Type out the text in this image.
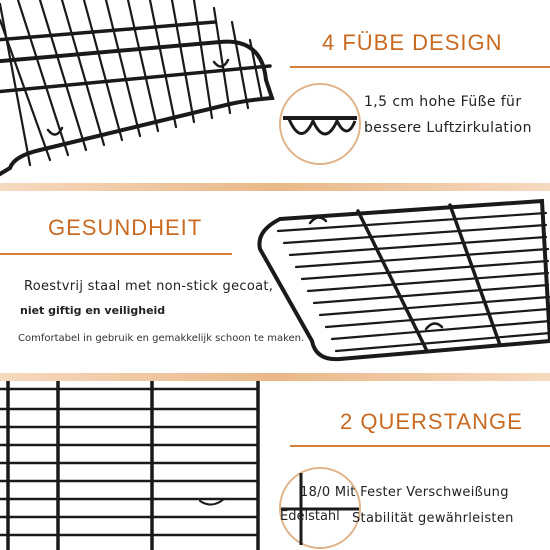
4 FÜBE DESIGN
1,5 cm hohe Füße für
bessere Luftzirkulation
GESUNDHEIT
Roestvrij staal met non-stick gecoat,
niet giftig en veiligheid
Comfortabel in gebruik en gemakkelijk schoon te maken.
2 QUERSTANGE
18/0 Mit Fester Verschweißung
Edelstahl Stabilität gewährleisten
